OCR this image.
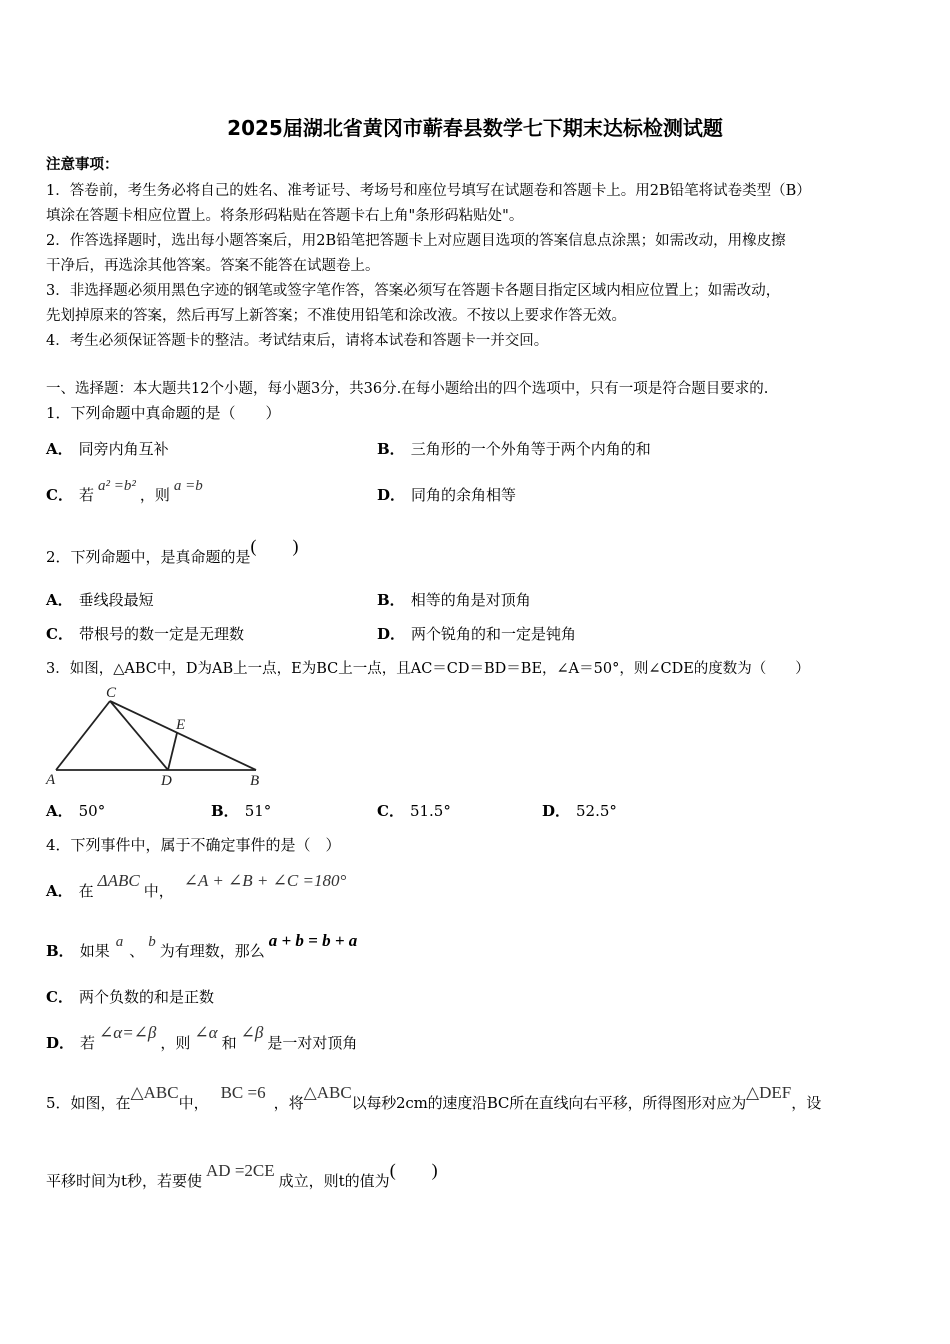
2025届湖北省黄冈市蕲春县数学七下期末达标检测试题
注意事项：
1．答卷前，考生务必将自己的姓名、准考证号、考场号和座位号填写在试题卷和答题卡上。用2B铅笔将试卷类型（B）
填涂在答题卡相应位置上。将条形码粘贴在答题卡右上角"条形码粘贴处"。
2．作答选择题时，选出每小题答案后，用2B铅笔把答题卡上对应题目选项的答案信息点涂黑；如需改动，用橡皮擦
干净后，再选涂其他答案。答案不能答在试题卷上。
3．非选择题必须用黑色字迹的钢笔或签字笔作答，答案必须写在答题卡各题目指定区域内相应位置上；如需改动，
先划掉原来的答案，然后再写上新答案；不准使用铅笔和涂改液。不按以上要求作答无效。
4．考生必须保证答题卡的整洁。考试结束后，请将本试卷和答题卡一并交回。
一、选择题：本大题共12个小题，每小题3分，共36分.在每小题给出的四个选项中，只有一项是符合题目要求的.
1．下列命题中真命题的是（　　）
A． 同旁内角互补	B． 三角形的一个外角等于两个内角的和
C． 若 a² =b² ，则 a =b	D． 同角的余角相等
2．下列命题中，是真命题的是(　　)
A． 垂线段最短	B． 相等的角是对顶角
C． 带根号的数一定是无理数	D． 两个锐角的和一定是钝角
3．如图，△ABC中，D为AB上一点，E为BC上一点，且AC＝CD＝BD＝BE，∠A＝50°，则∠CDE的度数为（　　）
C
E
A	D	B
A． 50°	B． 51°	C． 51.5°	D． 52.5°
4．下列事件中，属于不确定事件的是（　）
A． 在ΔABC中，∠A + ∠B + ∠C =180°
B． 如果 a 、 b 为有理数，那么a + b = b + a
C． 两个负数的和是正数
D． 若∠α=∠β，则∠α和∠β是一对对顶角
5．如图，在△ABC中，BC =6，将△ABC以每秒2cm的速度沿BC所在直线向右平移，所得图形对应为△DEF，设
平移时间为t秒，若要使AD =2CE成立，则t的值为(　　)
